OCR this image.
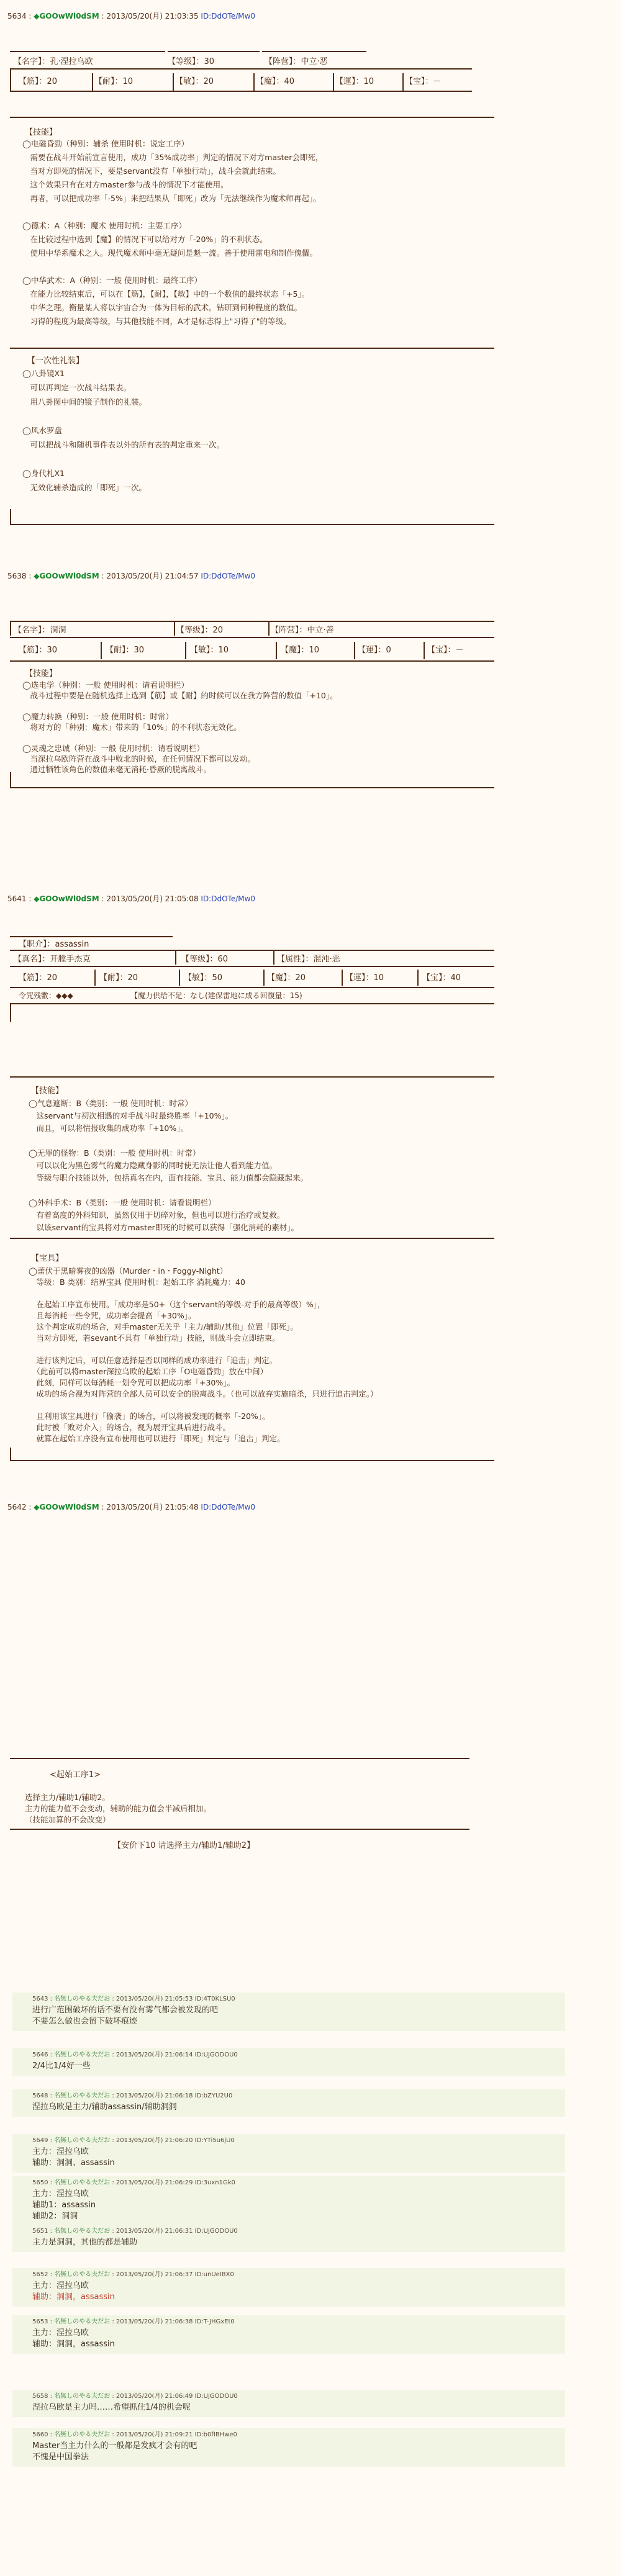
5634 : ◆GOOwWl0dSM : 2013/05/20(月) 21:03:35 ID:DdOTe/Mw0
【名字】：孔·涅拉乌欧	【等级】：30	【阵营】：中立·恶
【筋】：20	【耐】：10	【敏】：20	【魔】：40	【運】：10	【宝】：－
【技能】
◯电磁昏勁（种别：辅杀 使用时机：说定工序）
　需要在战斗开始前宣言使用，成功「35%成功率」判定的情况下对方master会即死，
　当对方即死的情况下，要是servant没有「单独行动」，战斗会就此结束。
　这个效果只有在对方master参与战斗的情况下才能使用。
　再者，可以把成功率「-5%」来把结果从「即死」改为「无法继续作为魔术师再起」。
◯德术：A（种别：魔术 使用时机：主要工序）
　在比较过程中选到【魔】的情况下可以给对方「-20%」的不利状态。
　使用中华系魔术之人。现代魔术师中毫无疑问是魁一流。善于使用雷电和制作傀儡。
◯中华武术：A（种别：一般 使用时机：最终工序）
　在能力比较结束后，可以在【筋】，【耐】，【敏】中的一个数值的最终状态「+5」。
　中华之理。衡量某人将以宇宙合为一体为目标的武术。钻研到何种程度的数值。
　习得的程度为最高等级，与其他技能不同，A才是标志得上"习得了"的等级。
【一次性礼装】
◯八卦镜X1
　可以再判定一次战斗结果表。
　用八卦图中间的镜子制作的礼装。
◯风水罗盘
　可以把战斗和随机事件表以外的所有表的判定重来一次。
◯身代札X1
　无效化辅杀造成的「即死」一次。
5638 : ◆GOOwWl0dSM : 2013/05/20(月) 21:04:57 ID:DdOTe/Mw0
【名字】：洞洞	【等级】：20	【阵营】：中立·善
【筋】：30	【耐】：30	【敏】：10	【魔】：10	【運】：0	【宝】：－
【技能】
◯选电学（种别：一般 使用时机：请看说明栏）
　战斗过程中要是在随机选择上选到【筋】或【耐】的时候可以在我方阵营的数值「+10」。
◯魔力转换（种别：一般 使用时机：时常）
　将对方的「种别：魔术」带来的「10%」的不利状态无效化。
◯灵魂之忠诚（种别：一般 使用时机：请看说明栏）
　当深拉乌欧阵营在战斗中败北的时候，在任何情况下都可以发动。
　通过牺牲该角色的数值来毫无消耗·昏厥的脱离战斗。
5641 : ◆GOOwWl0dSM : 2013/05/20(月) 21:05:08 ID:DdOTe/Mw0
【职介】：assassin
【真名】：开膛手杰克	【等级】：60	【属性】：混沌·恶
【筋】：20	【耐】：20	【敏】：50	【魔】：20	【運】：10	【宝】：40
令咒残數：◆◆◆	【魔力供给不足：なし(建保雷地に成る回復量：15)
【技能】
◯气息遮断：B（类别：一般 使用时机：时常）
　这servant与初次相遇的对手战斗时最终胜率「+10%」。
　而且，可以将情报收集的成功率「+10%」。
◯无罪的怪物：B（类别：一般 使用时机：时常）
　可以以化为黑色雾气的魔力隐藏身影的同时使无法让他人看到能力值。
　等级与职介技能以外，包括真名在内，面有技能、宝具、能力值都会隐藏起来。
◯外科手术：B（类别：一般 使用时机：请看说明栏）
　有着高度的外科知识，虽然仅用于切碎对象，但也可以进行治疗或复救。
　以该servant的宝具将对方master即死的时候可以获得「强化消耗的素材」。
【宝具】
◯蕾伏于黑暗雾夜的凶器（Murder・in・Foggy-Night）
　等级：B 类别：结界宝具 使用时机：起始工序 消耗魔力：40
　在起始工序宣布使用。「成功率是50+（这个servant的等级-对手的最高等级）%」，
　且每消耗一些令咒，成功率会提高「+30%」。
　这个判定成功的场合，对手master无关乎「主力/辅助/其他」位置「即死」。
　当对方即死，若sevant不具有「单独行动」技能，则战斗会立即结束。
　进行该判定后，可以任意选择是否以同样的成功率进行「追击」判定。
　（此前可以将master深拉乌欧的起始工序「O电磁昏勁」放在中间）
　此刻，同样可以每消耗一划令咒可以把成功率「+30%」。
　成功的场合视为对阵营的全部人员可以安全的脱离战斗。（也可以放弃实施暗杀，只进行追击判定。）
　且利用该宝具进行「偷袭」的场合，可以将被发现的概率「-20%」。
　此时被「败对介入」的场合，视为展开宝具后进行战斗。
　就算在起始工序没有宣布使用也可以进行「即死」判定与「追击」判定。
5642 : ◆GOOwWl0dSM : 2013/05/20(月) 21:05:48 ID:DdOTe/Mw0
<起始工序1>
选择主力/辅助1/辅助2。
主力的能力值不会变动，辅助的能力值会半减后相加。
（技能加算的不会改变）
【安价下10 请选择主力/辅助1/辅助2】
5643 : 名無しのやる夫だお : 2013/05/20(月) 21:05:53 ID:4T0KLSU0
进行广范围破坏的话不要有没有雾气都会被发现的吧
不要怎么做也会留下破坏痕迹
5646 : 名無しのやる夫だお : 2013/05/20(月) 21:06:14 ID:UJGODOU0
2/4比1/4好一些
5648 : 名無しのやる夫だお : 2013/05/20(月) 21:06:18 ID:bZYU2U0
涅拉乌欧是主力/辅助assassin/辅助洞洞
5649 : 名無しのやる夫だお : 2013/05/20(月) 21:06:20 ID:YTi5u6jU0
主力：涅拉乌欧
辅助：洞洞、assassin
5650 : 名無しのやる夫だお : 2013/05/20(月) 21:06:29 ID:3uxn1Gk0
主力：涅拉乌欧
辅助1：assassin
辅助2：洞洞
5651 : 名無しのやる夫だお : 2013/05/20(月) 21:06:31 ID:UJGODOU0
主力是洞洞，其他的都是辅助
5652 : 名無しのやる夫だお : 2013/05/20(月) 21:06:37 ID:unUeIBX0
主力：涅拉乌欧
辅助：洞洞，assassin
5653 : 名無しのやる夫だお : 2013/05/20(月) 21:06:38 ID:T-JHGxEt0
主力：涅拉乌欧
辅助：洞洞，assassin
5658 : 名無しのやる夫だお : 2013/05/20(月) 21:06:49 ID:UJGODOU0
涅拉乌欧是主力吗……希望抓住1/4的机会呢
5660 : 名無しのやる夫だお : 2013/05/20(月) 21:09:21 ID:b0fIBHwe0
Master当主力什么的一般都是发疯才会有的吧
不愧是中国拳法
